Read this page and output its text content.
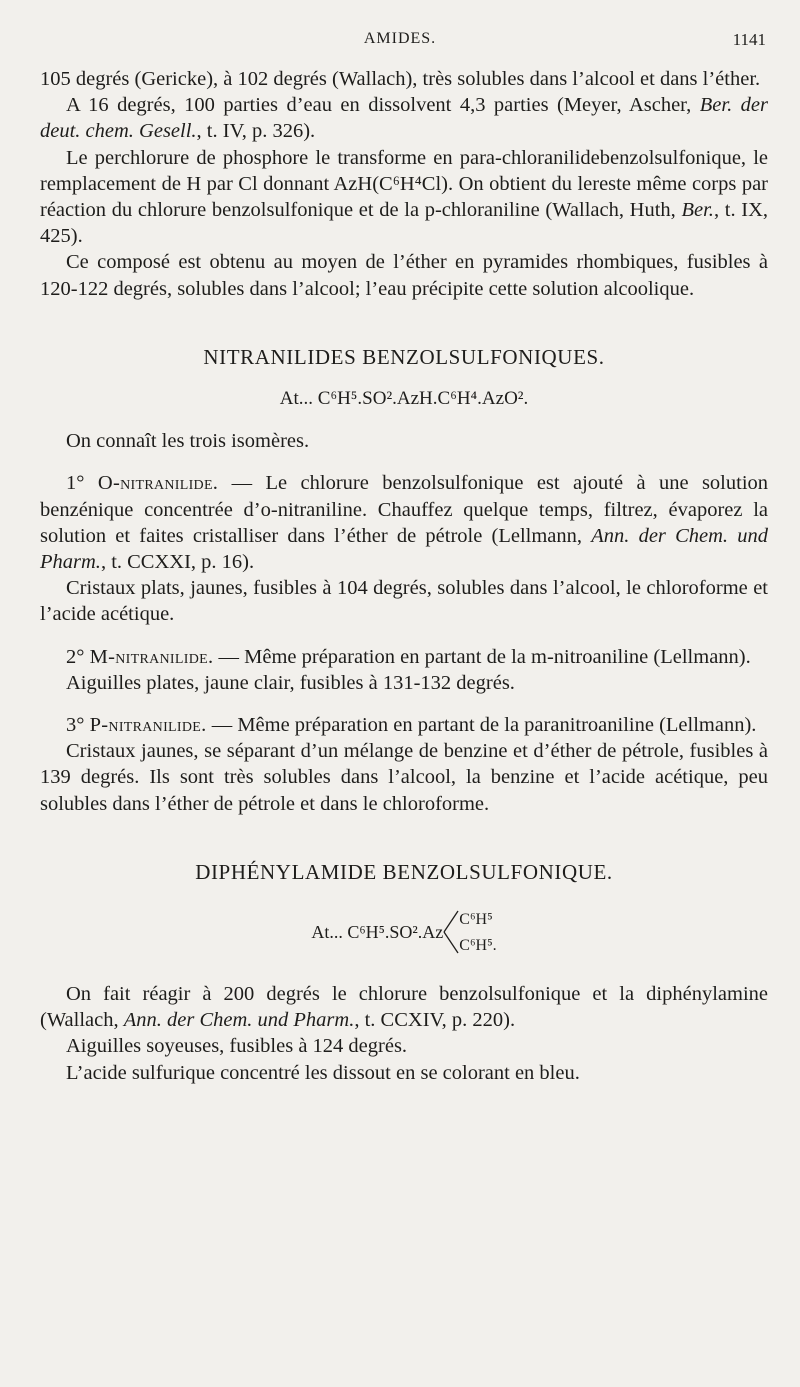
AMIDES.	1141

105 degrés (Gericke), à 102 degrés (Wallach), très solubles dans l’alcool et dans l’éther.

A 16 degrés, 100 parties d’eau en dissolvent 4,3 parties (Meyer, Ascher, Ber. der deut. chem. Gesell., t. IV, p. 326).

Le perchlorure de phosphore le transforme en para-chloranilidebenzolsulfonique, le remplacement de H par Cl donnant AzH(C⁶H⁴Cl). On obtient du lereste même corps par réaction du chlorure benzolsulfonique et de la p-chloraniline (Wallach, Huth, Ber., t. IX, 425).

Ce composé est obtenu au moyen de l’éther en pyramides rhombiques, fusibles à 120-122 degrés, solubles dans l’alcool; l’eau précipite cette solution alcoolique.

NITRANILIDES BENZOLSULFONIQUES.
At... C⁶H⁵.SO².AzH.C⁶H⁴.AzO².

On connaît les trois isomères.

1° O-nitranilide. — Le chlorure benzolsulfonique est ajouté à une solution benzénique concentrée d’o-nitraniline. Chauffez quelque temps, filtrez, évaporez la solution et faites cristalliser dans l’éther de pétrole (Lellmann, Ann. der Chem. und Pharm., t. CCXXI, p. 16).

Cristaux plats, jaunes, fusibles à 104 degrés, solubles dans l’alcool, le chloroforme et l’acide acétique.

2° M-nitranilide. — Même préparation en partant de la m-nitroaniline (Lellmann).

Aiguilles plates, jaune clair, fusibles à 131-132 degrés.

3° P-nitranilide. — Même préparation en partant de la paranitroaniline (Lellmann).

Cristaux jaunes, se séparant d’un mélange de benzine et d’éther de pétrole, fusibles à 139 degrés. Ils sont très solubles dans l’alcool, la benzine et l’acide acétique, peu solubles dans l’éther de pétrole et dans le chloroforme.

DIPHÉNYLAMIDE BENZOLSULFONIQUE.
At... C⁶H⁵.SO².Az
C⁶H⁵
C⁶H⁵.

On fait réagir à 200 degrés le chlorure benzolsulfonique et la diphénylamine (Wallach, Ann. der Chem. und Pharm., t. CCXIV, p. 220).

Aiguilles soyeuses, fusibles à 124 degrés.

L’acide sulfurique concentré les dissout en se colorant en bleu.
